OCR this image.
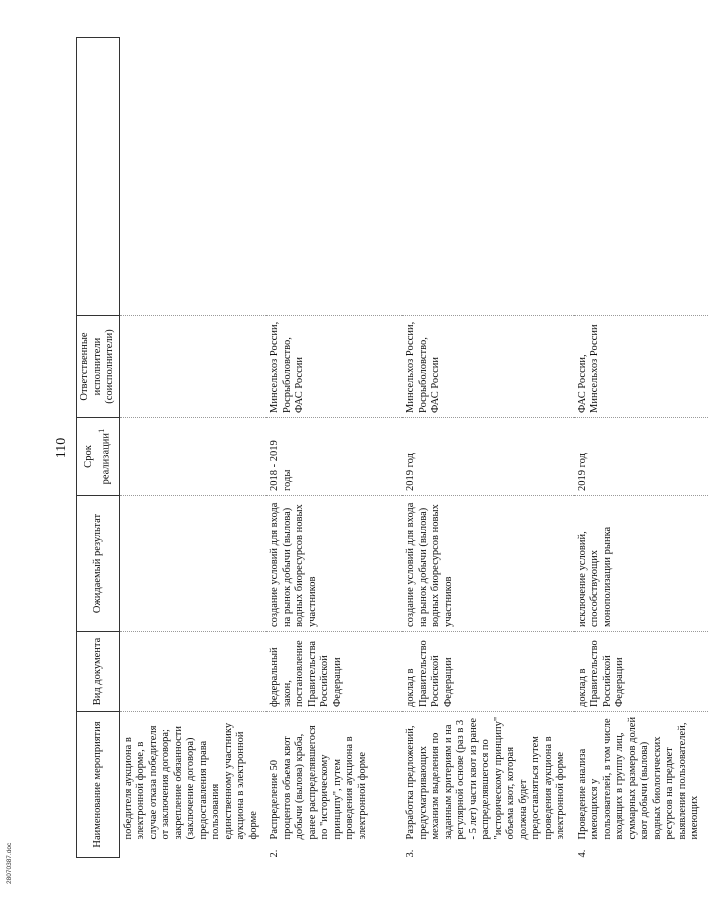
110
Наименование мероприятия	Вид документа	Ожидаемый результат	Срок реализации$^1$	Ответственные исполнители (соисполнители)	

победителя аукциона в электронной форме, в случае отказа победителя от заключения договора; закрепление обязанности (заключение договора) предоставления права пользования единственному участнику аукциона в электронной форме					

2.
Распределение 50 процентов объема квот добычи (вылова) краба, ранее распределявшегося по "историческому принципу", путем проведения аукциона в электронной форме	федеральный закон, постановление Правительства Российской Федерации	создание условий для входа на рынок добычи (вылова) водных биоресурсов новых участников	2018 - 2019 годы	Минсельхоз России, Росрыболовство, ФАС России	

3.
Разработка предложений, предусматривающих механизм выделения по заданным критериям и на регулярной основе (раз в 3 - 5 лет) части квот из ранее распределявшегося по "историческому принципу" объема квот, которая должна будет предоставляться путем проведения аукциона в электронной форме	доклад в Правительство Российской Федерации	создание условий для входа на рынок добычи (вылова) водных биоресурсов новых участников	2019 год	Минсельхоз России, Росрыболовство, ФАС России	

4.
Проведение анализа имеющихся у пользователей, в том числе входящих в группу лиц, суммарных размеров долей квот добычи (вылова) водных биологических ресурсов на предмет выявления пользователей, имеющих	доклад в Правительство Российской Федерации	исключение условий, способствующих монополизации рынка	2019 год	ФАС России, Минсельхоз России	
28070387.doc
